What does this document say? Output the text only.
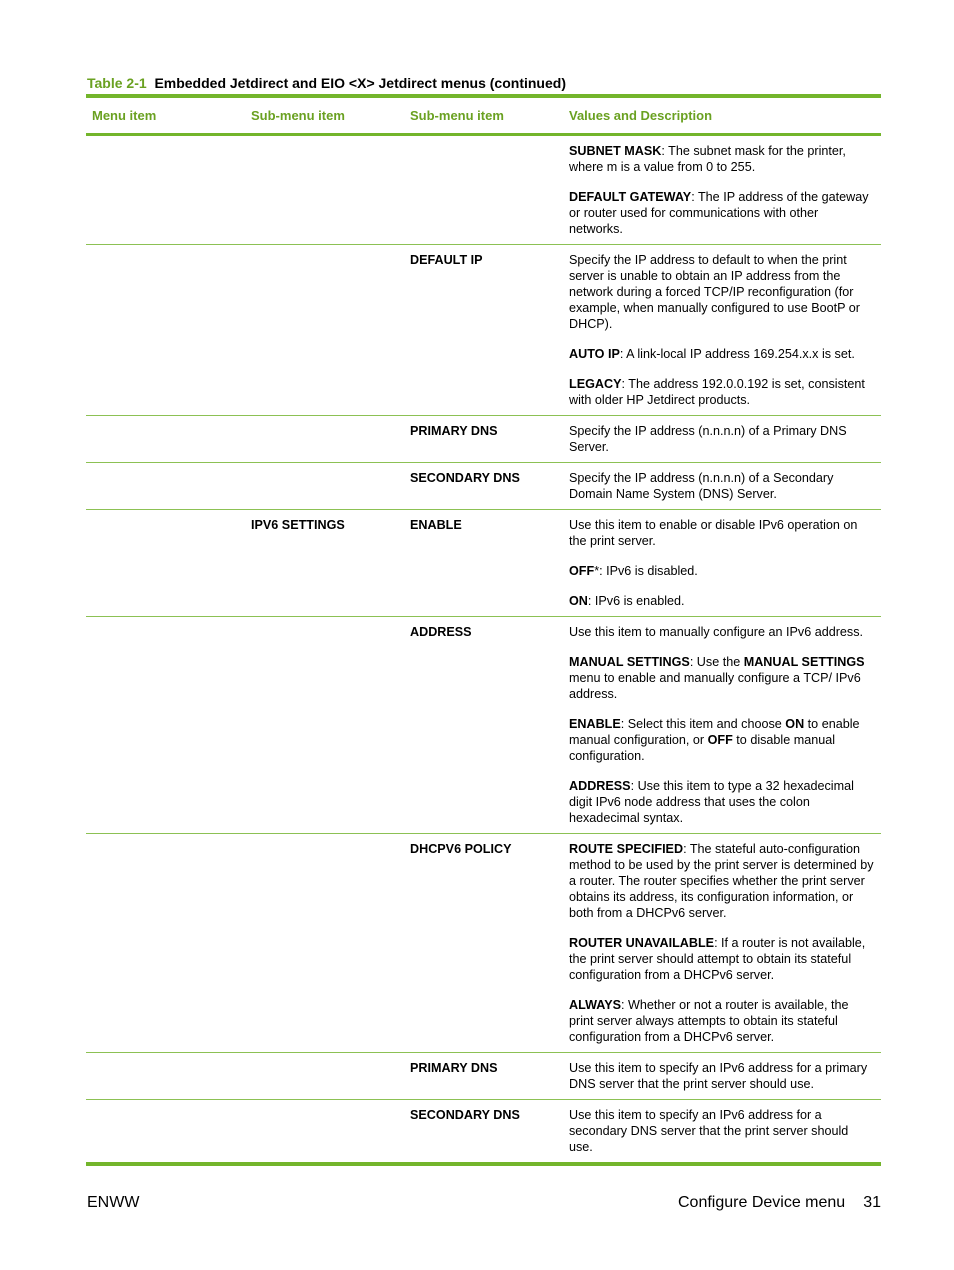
Table 2-1 Embedded Jetdirect and EIO <X> Jetdirect menus (continued)
Menu item	Sub-menu item	Sub-menu item	Values and Description

			SUBNET MASK: The subnet mask for the printer, where m is a value from 0 to 255.

DEFAULT GATEWAY: The IP address of the gateway or router used for communications with other networks.

		DEFAULT IP	Specify the IP address to default to when the print server is unable to obtain an IP address from the network during a forced TCP/IP reconfiguration (for example, when manually configured to use BootP or DHCP).

AUTO IP: A link-local IP address 169.254.x.x is set.

LEGACY: The address 192.0.0.192 is set, consistent with older HP Jetdirect products.

		PRIMARY DNS	Specify the IP address (n.n.n.n) of a Primary DNS Server.

		SECONDARY DNS	Specify the IP address (n.n.n.n) of a Secondary Domain Name System (DNS) Server.

	IPV6 SETTINGS	ENABLE	Use this item to enable or disable IPv6 operation on the print server.

OFF*: IPv6 is disabled.

ON: IPv6 is enabled.

		ADDRESS	Use this item to manually configure an IPv6 address.

MANUAL SETTINGS: Use the MANUAL SETTINGS menu to enable and manually configure a TCP/ IPv6 address.

ENABLE: Select this item and choose ON to enable manual configuration, or OFF to disable manual configuration.

ADDRESS: Use this item to type a 32 hexadecimal digit IPv6 node address that uses the colon hexadecimal syntax.

		DHCPV6 POLICY	ROUTE SPECIFIED: The stateful auto-configuration method to be used by the print server is determined by a router. The router specifies whether the print server obtains its address, its configuration information, or both from a DHCPv6 server.

ROUTER UNAVAILABLE: If a router is not available, the print server should attempt to obtain its stateful configuration from a DHCPv6 server.

ALWAYS: Whether or not a router is available, the print server always attempts to obtain its stateful configuration from a DHCPv6 server.

		PRIMARY DNS	Use this item to specify an IPv6 address for a primary DNS server that the print server should use.

		SECONDARY DNS	Use this item to specify an IPv6 address for a secondary DNS server that the print server should use.

ENWW	Configure Device menu 31
